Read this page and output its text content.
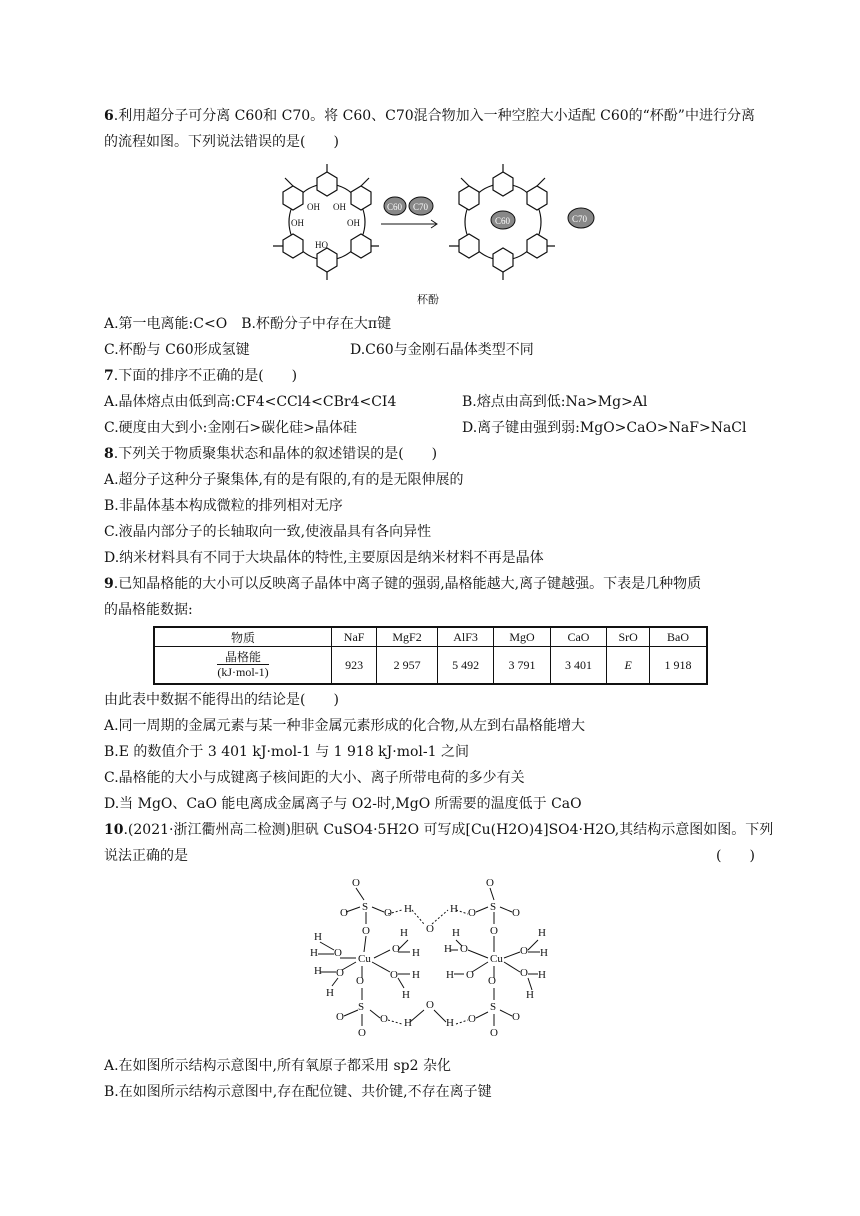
6.利用超分子可分离 C60和 C70。将 C60、C70混合物加入一种空腔大小适配 C60的“杯酚”中进行分离
的流程如图。下列说法错误的是(　　)
OH OH
OH
HO
OH
C60 C70
C60	C70
杯酚
A.第一电离能:C<O　B.杯酚分子中存在大π键
C.杯酚与 C60形成氢键	D.C60与金刚石晶体类型不同
7.下面的排序不正确的是(　　)
A.晶体熔点由低到高:CF4<CCl4<CBr4<CI4	B.熔点由高到低:Na>Mg>Al
C.硬度由大到小:金刚石>碳化硅>晶体硅	D.离子键由强到弱:MgO>CaO>NaF>NaCl
8.下列关于物质聚集状态和晶体的叙述错误的是(　　)
A.超分子这种分子聚集体,有的是有限的,有的是无限伸展的
B.非晶体基本构成微粒的排列相对无序
C.液晶内部分子的长轴取向一致,使液晶具有各向异性
D.纳米材料具有不同于大块晶体的特性,主要原因是纳米材料不再是晶体
9.已知晶格能的大小可以反映离子晶体中离子键的强弱,晶格能越大,离子键越强。下表是几种物质
的晶格能数据:
物质	NaF	MgF2	AlF3	MgO	CaO	SrO	BaO

$\frac{\text{晶格能}}{\text{(kJ·mol-1)}}$	923	2 957	5 492	3 791	3 401	E	1 918
由此表中数据不能得出的结论是(　　)
A.同一周期的金属元素与某一种非金属元素形成的化合物,从左到右晶格能增大
B.E 的数值介于 3 401 kJ·mol-1 与 1 918 kJ·mol-1 之间
C.晶格能的大小与成键离子核间距的大小、离子所带电荷的多少有关
D.当 MgO、CaO 能电离成金属离子与 O2-时,MgO 所需要的温度低于 CaO
10.(2021·浙江衢州高二检测)胆矾 CuSO4·5H2O 可写成[Cu(H2O)4]SO4·H2O,其结构示意图如图。下列
说法正确的是	(　　)
O
S
O	O
O
O
S
O	O
O
H
O
H
Cu
H
H O
H O
H
O
H
H
O H
H
Cu
O
H
H
O
H
O
H
H
O H
H
O
S
O	O
O
O
S
O	O
O
H
O
H
A.在如图所示结构示意图中,所有氧原子都采用 sp2 杂化
B.在如图所示结构示意图中,存在配位键、共价键,不存在离子键
